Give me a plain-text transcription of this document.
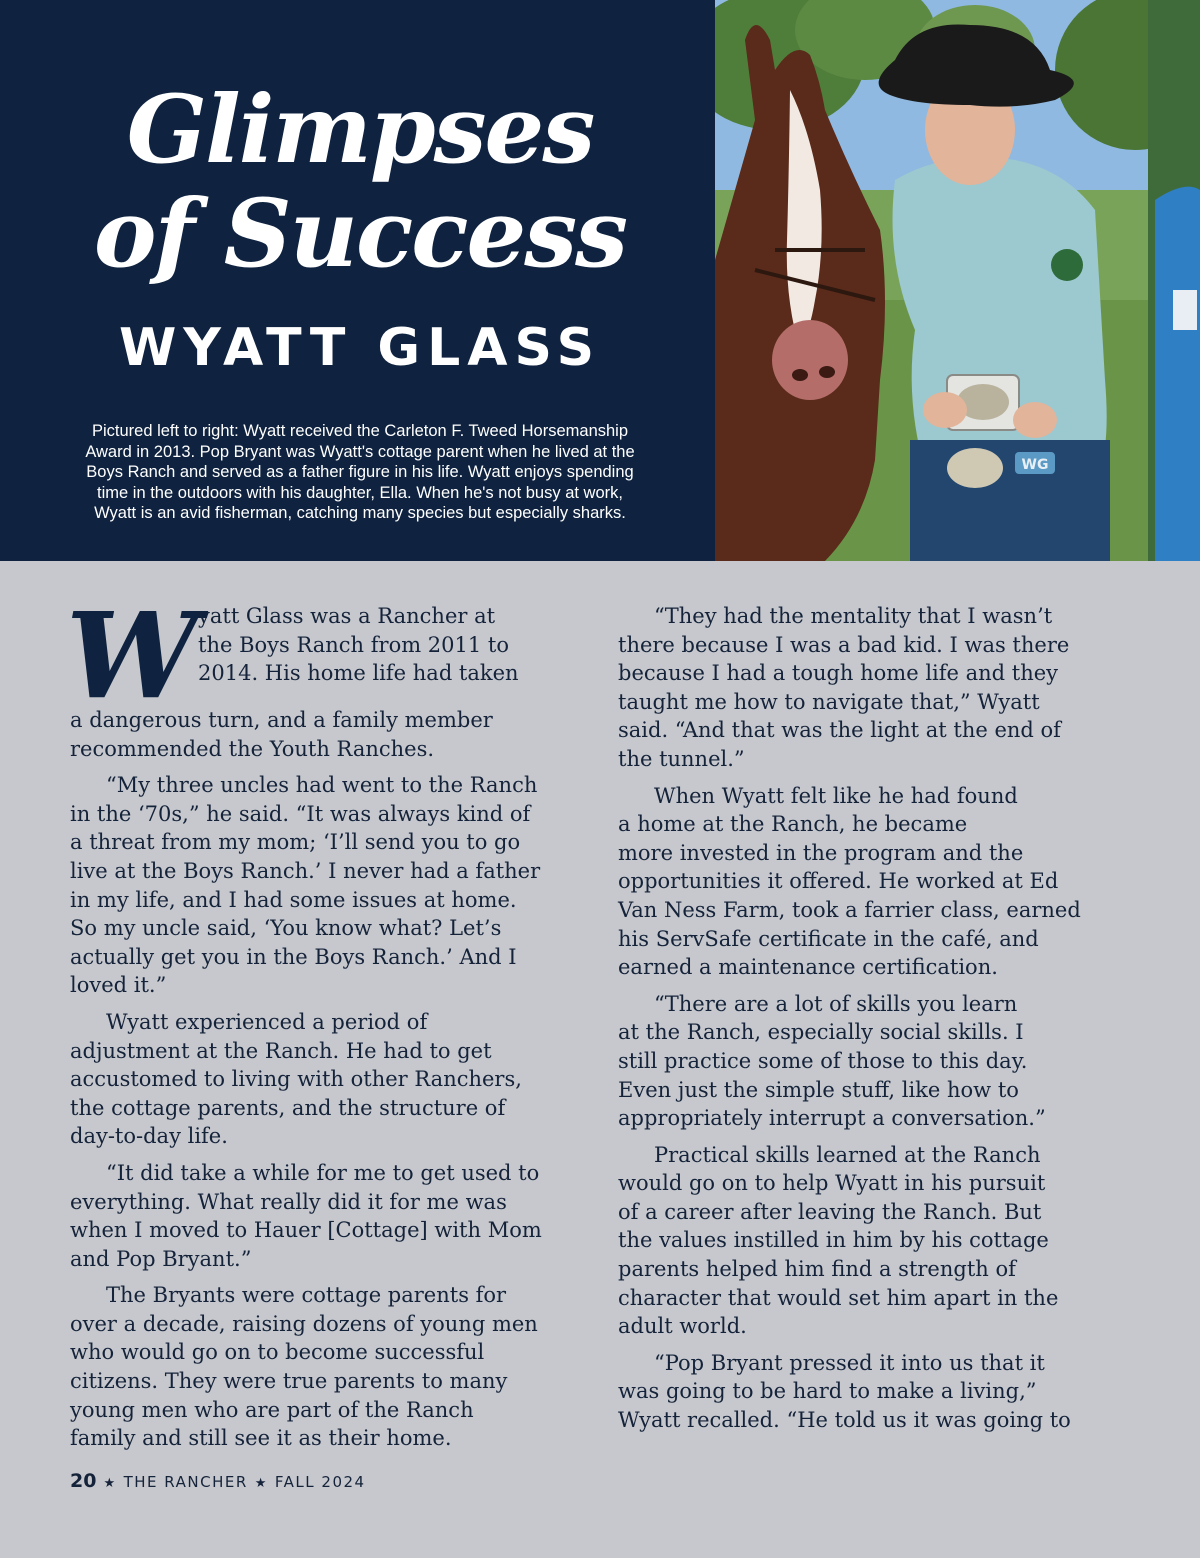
Glimpses
of Success
WYATT GLASS
Pictured left to right: Wyatt received the Carleton F. Tweed Horsemanship
Award in 2013. Pop Bryant was Wyatt's cottage parent when he lived at the
Boys Ranch and served as a father figure in his life. Wyatt enjoys spending
time in the outdoors with his daughter, Ella. When he's not busy at work,
Wyatt is an avid fisherman, catching many species but especially sharks.
WG

W yatt Glass was a Rancher at
the Boys Ranch from 2011 to
2014. His home life had taken
a dangerous turn, and a family member
recommended the Youth Ranches.

“My three uncles had went to the Ranch
in the ‘70s,” he said. “It was always kind of
a threat from my mom; ‘I’ll send you to go
live at the Boys Ranch.’ I never had a father
in my life, and I had some issues at home.
So my uncle said, ‘You know what? Let’s
actually get you in the Boys Ranch.’ And I
loved it.”

Wyatt experienced a period of
adjustment at the Ranch. He had to get
accustomed to living with other Ranchers,
the cottage parents, and the structure of
day-to-day life.

“It did take a while for me to get used to
everything. What really did it for me was
when I moved to Hauer [Cottage] with Mom
and Pop Bryant.”

The Bryants were cottage parents for
over a decade, raising dozens of young men
who would go on to become successful
citizens. They were true parents to many
young men who are part of the Ranch
family and still see it as their home.

“They had the mentality that I wasn’t
there because I was a bad kid. I was there
because I had a tough home life and they
taught me how to navigate that,” Wyatt
said. “And that was the light at the end of
the tunnel.”

When Wyatt felt like he had found
a home at the Ranch, he became
more invested in the program and the
opportunities it offered. He worked at Ed
Van Ness Farm, took a farrier class, earned
his ServSafe certificate in the café, and
earned a maintenance certification.

“There are a lot of skills you learn
at the Ranch, especially social skills. I
still practice some of those to this day.
Even just the simple stuff, like how to
appropriately interrupt a conversation.”

Practical skills learned at the Ranch
would go on to help Wyatt in his pursuit
of a career after leaving the Ranch. But
the values instilled in him by his cottage
parents helped him find a strength of
character that would set him apart in the
adult world.

“Pop Bryant pressed it into us that it
was going to be hard to make a living,”
Wyatt recalled. “He told us it was going to

20 ★ THE RANCHER ★ FALL 2024
